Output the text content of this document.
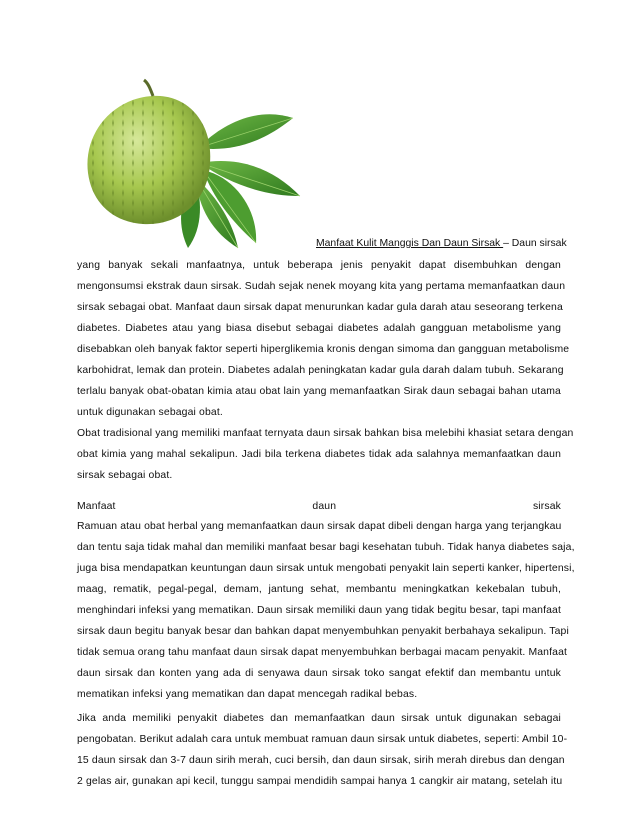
Manfaat Kulit Manggis Dan Daun Sirsak – Daun sirsak
yang banyak sekali manfaatnya, untuk beberapa jenis penyakit dapat disembuhkan dengan
mengonsumsi ekstrak daun sirsak. Sudah sejak nenek moyang kita yang pertama memanfaatkan daun
sirsak sebagai obat. Manfaat daun sirsak dapat menurunkan kadar gula darah atau seseorang terkena
diabetes. Diabetes atau yang biasa disebut sebagai diabetes adalah gangguan metabolisme yang
disebabkan oleh banyak faktor seperti hiperglikemia kronis dengan simoma dan gangguan metabolisme
karbohidrat, lemak dan protein. Diabetes adalah peningkatan kadar gula darah dalam tubuh. Sekarang
terlalu banyak obat-obatan kimia atau obat lain yang memanfaatkan Sirak daun sebagai bahan utama
untuk digunakan sebagai obat.
Obat tradisional yang memiliki manfaat ternyata daun sirsak bahkan bisa melebihi khasiat setara dengan
obat kimia yang mahal sekalipun. Jadi bila terkena diabetes tidak ada salahnya memanfaatkan daun
sirsak sebagai obat.
Manfaat	daun	sirsak
Ramuan atau obat herbal yang memanfaatkan daun sirsak dapat dibeli dengan harga yang terjangkau
dan tentu saja tidak mahal dan memiliki manfaat besar bagi kesehatan tubuh. Tidak hanya diabetes saja,
juga bisa mendapatkan keuntungan daun sirsak untuk mengobati penyakit lain seperti kanker, hipertensi,
maag, rematik, pegal-pegal, demam, jantung sehat, membantu meningkatkan kekebalan tubuh,
menghindari infeksi yang mematikan. Daun sirsak memiliki daun yang tidak begitu besar, tapi manfaat
sirsak daun begitu banyak besar dan bahkan dapat menyembuhkan penyakit berbahaya sekalipun. Tapi
tidak semua orang tahu manfaat daun sirsak dapat menyembuhkan berbagai macam penyakit. Manfaat
daun sirsak dan konten yang ada di senyawa daun sirsak toko sangat efektif dan membantu untuk
mematikan infeksi yang mematikan dan dapat mencegah radikal bebas.
Jika anda memiliki penyakit diabetes dan memanfaatkan daun sirsak untuk digunakan sebagai
pengobatan. Berikut adalah cara untuk membuat ramuan daun sirsak untuk diabetes, seperti: Ambil 10-
15 daun sirsak dan 3-7 daun sirih merah, cuci bersih, dan daun sirsak, sirih merah direbus dan dengan
2 gelas air, gunakan api kecil, tunggu sampai mendidih sampai hanya 1 cangkir air matang, setelah itu
